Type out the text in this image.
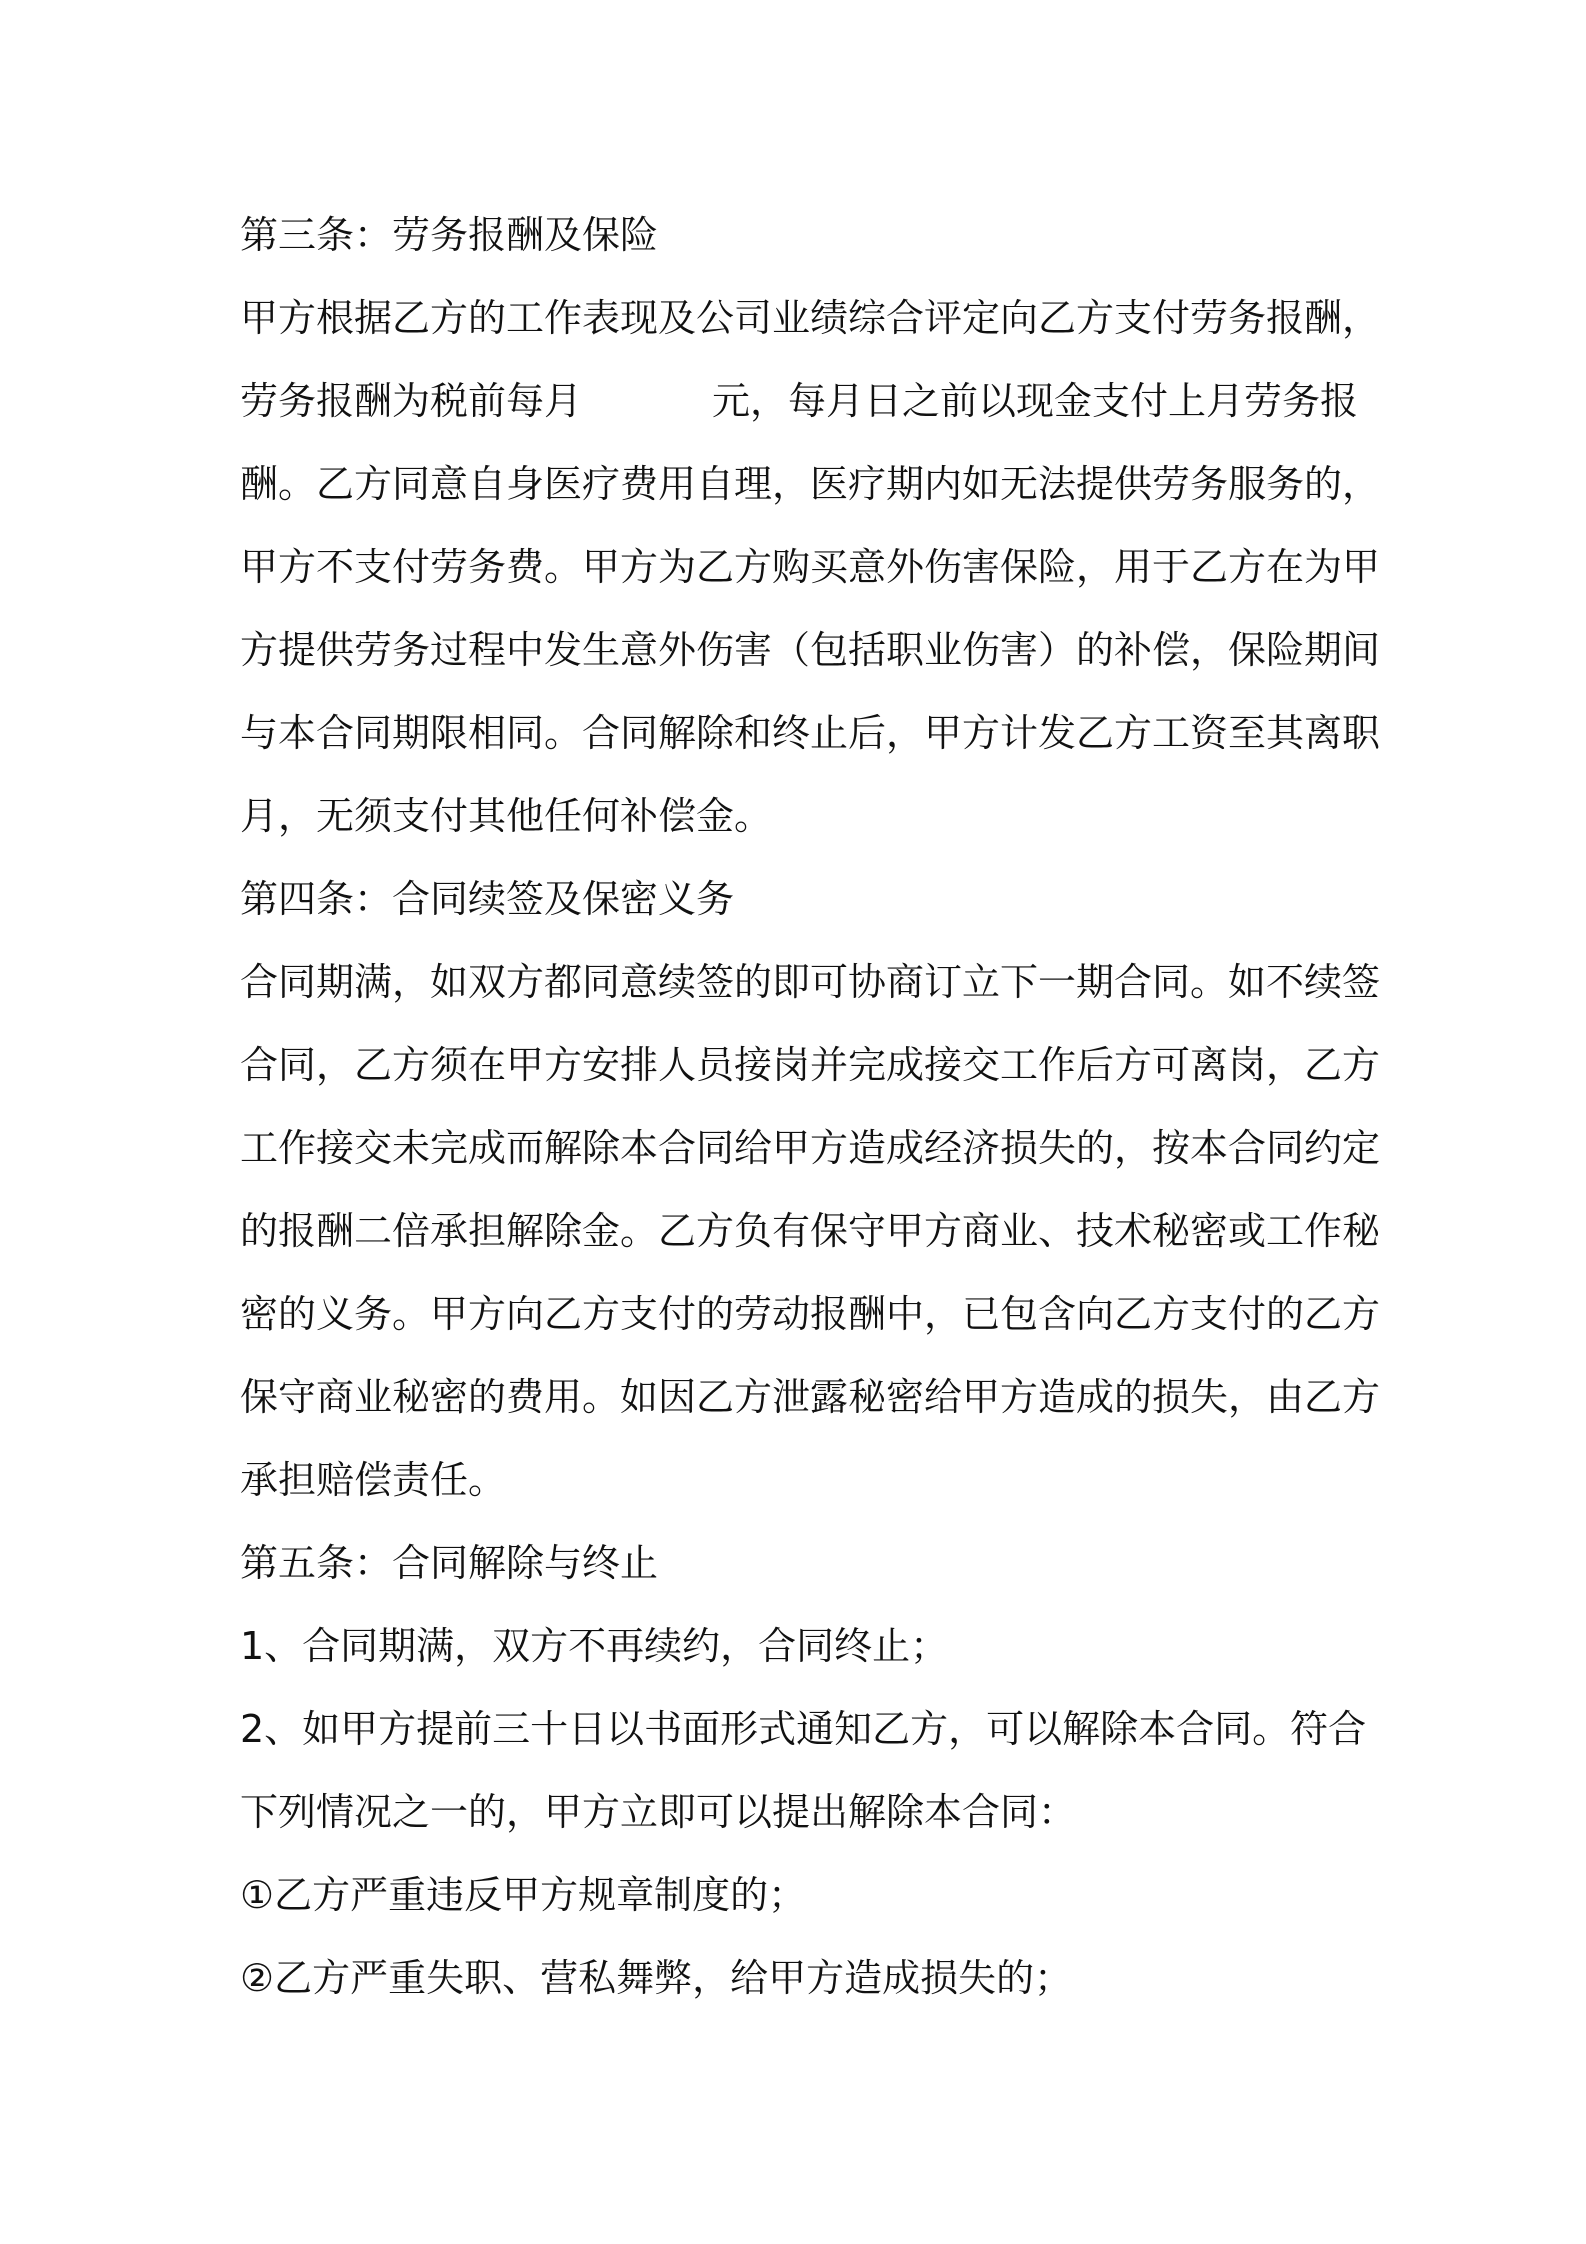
第三条：劳务报酬及保险
甲方根据乙方的工作表现及公司业绩综合评定向乙方支付劳务报酬，
劳务报酬为税前每月	元，每月日之前以现金支付上月劳务报
酬。乙方同意自身医疗费用自理，医疗期内如无法提供劳务服务的，
甲方不支付劳务费。甲方为乙方购买意外伤害保险，用于乙方在为甲
方提供劳务过程中发生意外伤害（包括职业伤害）的补偿，保险期间
与本合同期限相同。合同解除和终止后，甲方计发乙方工资至其离职
月，无须支付其他任何补偿金。
第四条：合同续签及保密义务
合同期满，如双方都同意续签的即可协商订立下一期合同。如不续签
合同，乙方须在甲方安排人员接岗并完成接交工作后方可离岗，乙方
工作接交未完成而解除本合同给甲方造成经济损失的，按本合同约定
的报酬二倍承担解除金。乙方负有保守甲方商业、技术秘密或工作秘
密的义务。甲方向乙方支付的劳动报酬中，已包含向乙方支付的乙方
保守商业秘密的费用。如因乙方泄露秘密给甲方造成的损失，由乙方
承担赔偿责任。
第五条：合同解除与终止
1、合同期满，双方不再续约，合同终止；
2、如甲方提前三十日以书面形式通知乙方，可以解除本合同。符合
下列情况之一的，甲方立即可以提出解除本合同：
①乙方严重违反甲方规章制度的；
②乙方严重失职、营私舞弊，给甲方造成损失的；
